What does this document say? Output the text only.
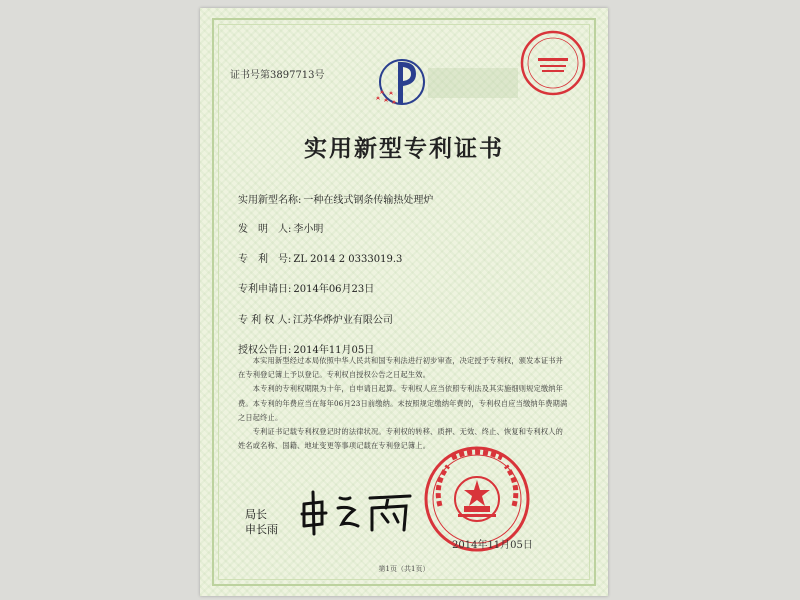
证书号第3897713号
实用新型专利证书
实用新型名称: 一种在线式钢条传输热处理炉
发　明　人: 李小明
专　利　号: ZL 2014 2 0333019.3
专利申请日: 2014年06月23日
专 利 权 人: 江苏华烨炉业有限公司
授权公告日: 2014年11月05日

　　本实用新型经过本局依照中华人民共和国专利法进行初步审查，决定授予专利权，颁发本证书并在专利登记簿上予以登记。专利权自授权公告之日起生效。

　　本专利的专利权期限为十年，自申请日起算。专利权人应当依照专利法及其实施细则规定缴纳年费。本专利的年费应当在每年06月23日前缴纳。未按照规定缴纳年费的，专利权自应当缴纳年费期满之日起终止。

　　专利证书记载专利权登记时的法律状况。专利权的转移、质押、无效、终止、恢复和专利权人的姓名或名称、国籍、地址变更等事项记载在专利登记簿上。

2014年11月05日
局长
申长雨
第1页（共1页）
